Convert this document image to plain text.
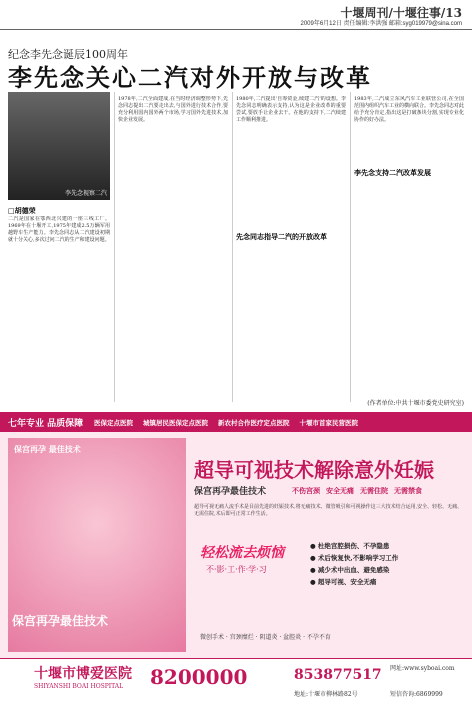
十堰周刊/十堰往事/13
2009年6月12日 责任编辑:李洪强 邮箱:syg019979@sina.com
纪念李先念诞辰100周年
李先念关心二汽对外开放与改革
李先念视察二汽
□胡德荣
二汽是国家在鄂西北兴建的一座三线工厂。1969年在十堰开工,1975年建成2.5万辆军用越野车生产能力。李先念同志从二汽建设初期就十分关心,多次过问二汽的生产和建设问题。
1978年,二汽全面建成,在当时经济调整形势下,先念同志提出二汽要走出去,与国外进行技术合作,要充分利用国内国外两个市场,学习国外先进技术,加快企业发展。
先念同志指导二汽的开放改革
1980年,二汽提出'自筹资金,续建二汽'的设想。李先念同志明确表示支持,认为这是企业改革的重要尝试,要放手让企业去干。在他的支持下,二汽续建工作顺利推进。
李先念支持二汽改革发展
1983年,二汽成立东风汽车工业联营公司,在全国范围内组织汽车工业的横向联合。李先念同志对此给予充分肯定,指出这是打破条块分割,实现专业化协作的好办法。
(作者单位:中共十堰市委党史研究室)
七年专业 品质保障 医保定点医院 城镇居民医保定点医院 新农村合作医疗定点医院 十堰市首家民营医院
保宫再孕 最佳技术
保宫再孕最佳技术
超导可视技术解除意外妊娠
保宫再孕最佳技术	不伤宫颈 安全无痛 无需住院 无需禁食
超导可视无痛人流手术是目前先进的妊娠技术,将无痛技术、微管吸引和可视操作这三大技术结合运用,安全、轻松、无痛、无需住院,术后即可正常工作生活。
轻松流去烦恼
不·影·工·作·学·习
● 杜绝宫腔损伤、不孕隐患
● 术后恢复快,不影响学习工作
● 减少术中出血、避免感染
● 超导可视、安全无痛
微创手术 · 宫颈糜烂 · 阴道炎 · 盆腔炎 · 不孕不育
十堰市博爱医院
SHIYANSHI BOAI HOSPITAL 8200000	853877517 网址:www.syboai.com
地址:十堰市柳林路82号	短信咨询:6869999
